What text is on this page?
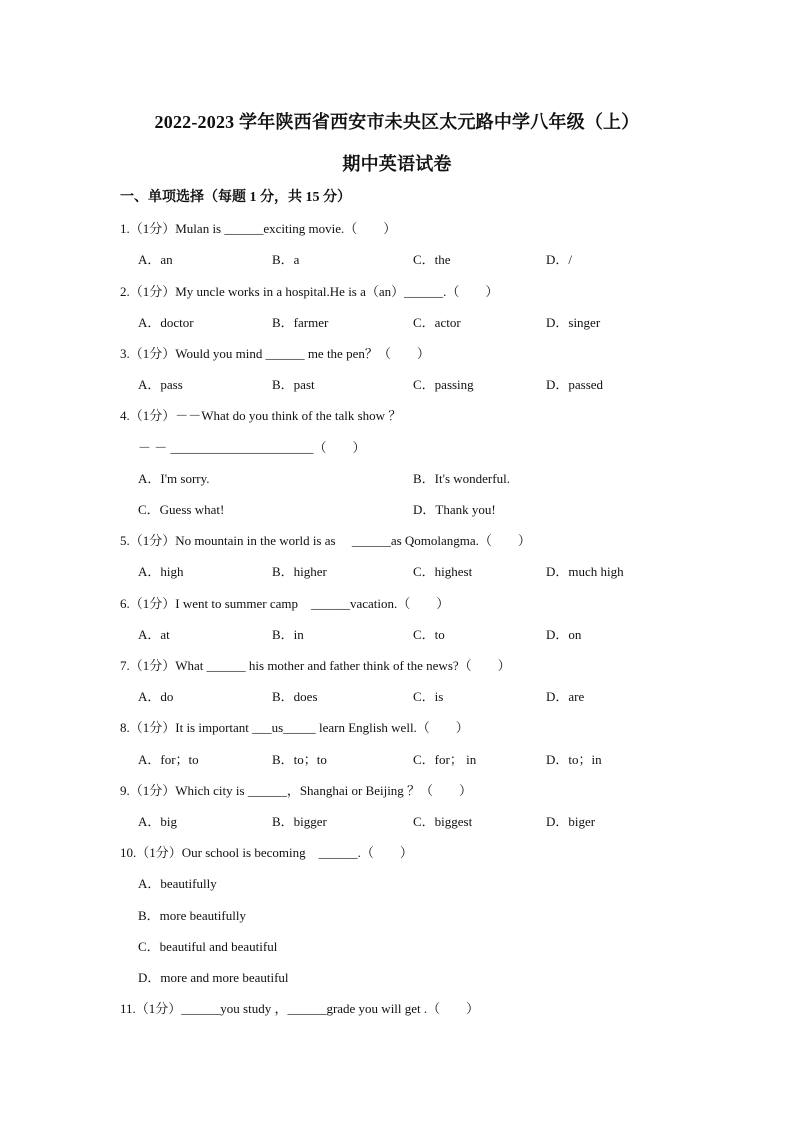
2022-2023 学年陕西省西安市未央区太元路中学八年级（上）
期中英语试卷
一、单项选择（每题 1 分，共 15 分）
1.（1分）Mulan is ______exciting movie.（　　）
A．an	B．a	C．the	D．/
2.（1分）My uncle works in a hospital.He is a（an）______.（　　）
A．doctor	B．farmer	C．actor	D．singer
3.（1分）Would you mind ______ me the pen？（　　）
A．pass	B．past	C．passing	D．passed
4.（1分）－－What do you think of the talk show ？
－ － ______________________（　　）
A．I'm sorry.	B．It's wonderful.
C．Guess what!	D．Thank you!
5.（1分）No mountain in the world is as　 ______as Qomolangma.（　　）
A．high	B．higher	C．highest	D．much high
6.（1分）I went to summer camp　______vacation.（　　）
A．at	B．in	C．to	D．on
7.（1分）What ______ his mother and father think of the news?（　　）
A．do	B．does	C．is	D．are
8.（1分）It is important ___us_____ learn English well.（　　）
A．for；to	B．to；to	C．for； in	D．to；in
9.（1分）Which city is ______，Shanghai or Beijing ？（　　）
A．big	B．bigger	C．biggest	D．biger
10.（1分）Our school is becoming　______.（　　）
A．beautifully
B．more beautifully
C．beautiful and beautiful
D．more and more beautiful
11.（1分）______you study ，______grade you will get .（　　）
